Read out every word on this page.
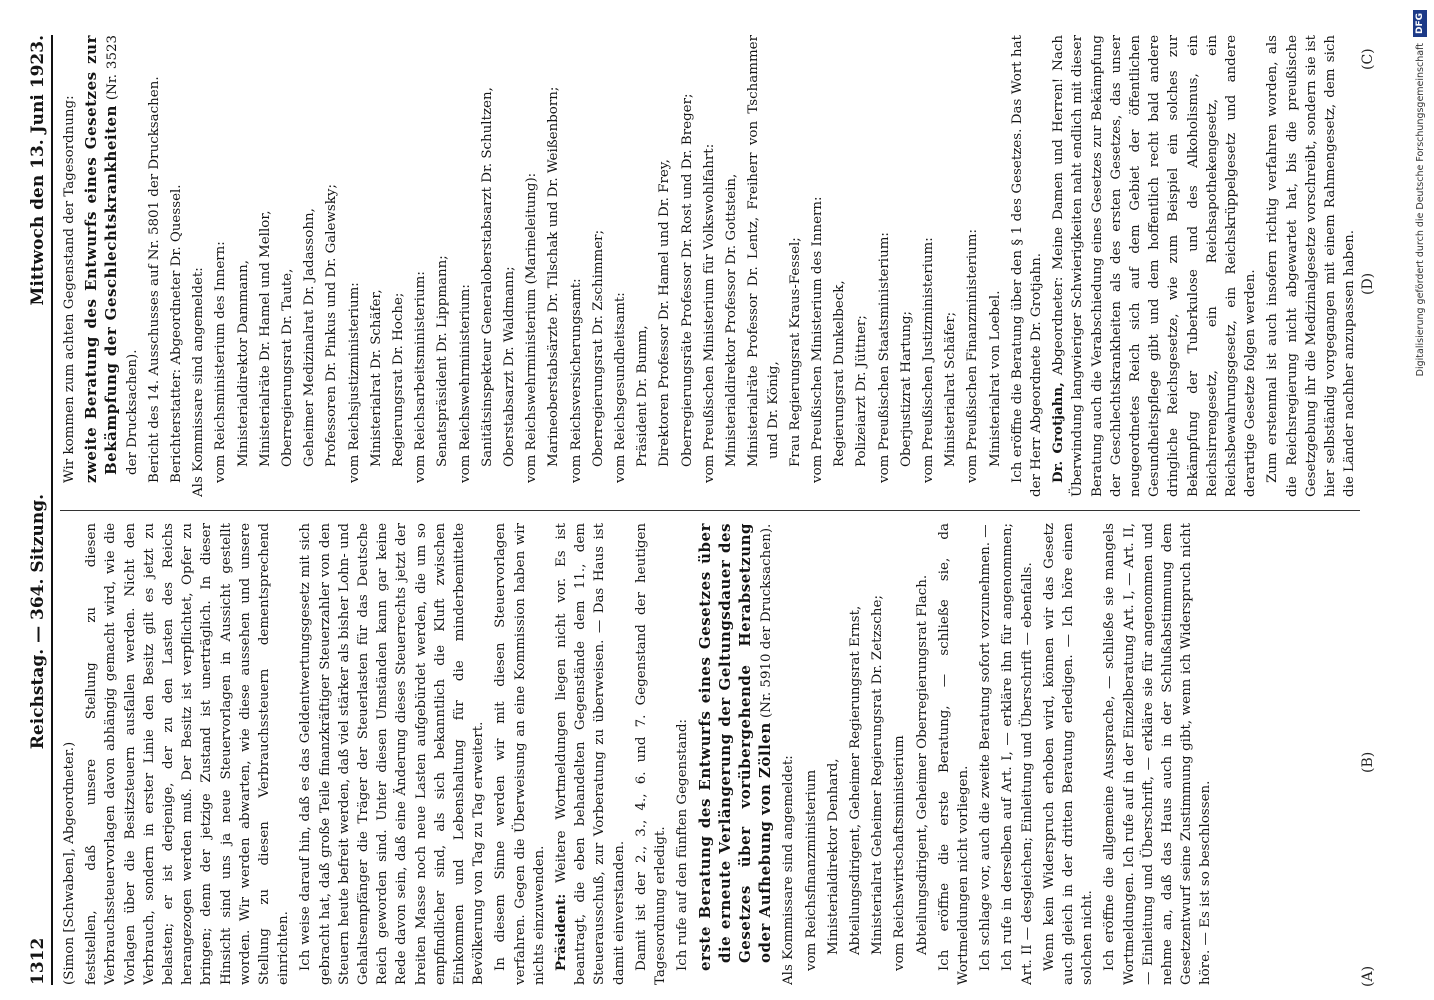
1312
Reichstag. — 364. Sitzung.
Mittwoch den 13. Juni 1923.

(Simon [Schwaben], Abgeordneter.) feststellen, daß unsere Stellung zu diesen Verbrauchssteuervorlagen davon abhängig gemacht wird, wie die Vorlagen über die Besitzsteuern ausfallen werden. Nicht den Verbrauch, sondern in erster Linie den Besitz gilt es jetzt zu belasten; er ist derjenige, der zu den Lasten des Reichs herangezogen werden muß. Der Besitz ist verpflichtet, Opfer zu bringen; denn der jetzige Zustand ist unerträglich. In dieser Hinsicht sind uns ja neue Steuervorlagen in Aussicht gestellt worden. Wir werden abwarten, wie diese aussehen und unsere Stellung zu diesen Verbrauchssteuern dementsprechend einrichten. Ich weise darauf hin, daß es das Geldentwertungsgesetz mit sich gebracht hat, daß große Teile finanzkräftiger Steuerzahler von den Steuern heute befreit werden, daß viel stärker als bisher Lohn- und Gehaltsempfänger die Träger der Steuerlasten für das Deutsche Reich geworden sind. Unter diesen Umständen kann gar keine Rede davon sein, daß eine Änderung dieses Steuerrechts jetzt der breiten Masse noch neue Lasten aufgebürdet werden, die um so empfindlicher sind, als sich bekanntlich die Kluft zwischen Einkommen und Lebenshaltung für die minderbemittelte Bevölkerung von Tag zu Tag erweitert. In diesem Sinne werden wir mit diesen Steuervorlagen verfahren. Gegen die Überweisung an eine Kommission haben wir nichts einzuwenden. Präsident: Weitere Wortmeldungen liegen nicht vor. Es ist beantragt, die eben behandelten Gegenstände dem 11., dem Steuerausschuß, zur Vorberatung zu überweisen. — Das Haus ist damit einverstanden. Damit ist der 2., 3., 4., 6. und 7. Gegenstand der heutigen Tagesordnung erledigt. Ich rufe auf den fünften Gegenstand: erste Beratung des Entwurfs eines Gesetzes über die erneute Verlängerung der Geltungsdauer des Gesetzes über vorübergehende Herabsetzung oder Aufhebung von Zöllen (Nr. 5910 der Drucksachen).

Als Kommissare sind angemeldet: vom Reichsfinanzministerium Ministerialdirektor Denhard, Abteilungsdirigent, Geheimer Regierungsrat Ernst, Ministerialrat Geheimer Regierungsrat Dr. Zetzsche; vom Reichswirtschaftsministerium Abteilungsdirigent, Geheimer Oberregierungsrat Flach. Ich eröffne die erste Beratung, — schließe sie, da Wortmeldungen nicht vorliegen. Ich schlage vor, auch die zweite Beratung sofort vorzunehmen. — Ich rufe in derselben auf Art. I, — erkläre ihn für angenommen; Art. II — desgleichen; Einleitung und Überschrift — ebenfalls. Wenn kein Widerspruch erhoben wird, können wir das Gesetz auch gleich in der dritten Beratung erledigen. — Ich höre einen solchen nicht. Ich eröffne die allgemeine Aussprache, — schließe sie mangels Wortmeldungen. Ich rufe auf in der Einzelberatung Art. I, — Art. II, — Einleitung und Überschrift, — erkläre sie für angenommen und nehme an, daß das Haus auch in der Schlußabstimmung dem Gesetzentwurf seine Zustimmung gibt, wenn ich Widerspruch nicht höre. — Es ist so beschlossen.

Wir kommen zum achten Gegenstand der Tagesordnung: zweite Beratung des Entwurfs eines Gesetzes zur Bekämpfung der Geschlechtskrankheiten (Nr. 3523 der Drucksachen). Bericht des 14. Ausschusses auf Nr. 5801 der Drucksachen. Berichterstatter: Abgeordneter Dr. Quessel. Als Kommissare sind angemeldet: vom Reichsministerium des Innern: Ministerialdirektor Dammann, Ministerialräte Dr. Hamel und Mellor, Oberregierungsrat Dr. Taute, Geheimer Medizinalrat Dr. Jadassohn, Professoren Dr. Pinkus und Dr. Galewsky; vom Reichsjustizministerium: Ministerialrat Dr. Schäfer, Regierungsrat Dr. Hoche; vom Reichsarbeitsministerium: Senatspräsident Dr. Lippmann; vom Reichswehrministerium: Sanitätsinspekteur Generaloberstabsarzt Dr. Schultzen, Oberstabsarzt Dr. Waldmann; vom Reichswehrministerium (Marineleitung): Marineoberstabsärzte Dr. Tilschak und Dr. Weißenborn; vom Reichsversicherungsamt: Oberregierungsrat Dr. Zschimmer; vom Reichsgesundheitsamt: Präsident Dr. Bumm, Direktoren Professor Dr. Hamel und Dr. Frey, Oberregierungsräte Professor Dr. Rost und Dr. Breger; vom Preußischen Ministerium für Volkswohlfahrt: Ministerialdirektor Professor Dr. Gottstein, Ministerialräte Professor Dr. Lentz, Freiherr von Tschammer und Dr. König, Frau Regierungsrat Kraus-Fessel; vom Preußischen Ministerium des Innern: Regierungsrat Dunkelbeck, Polizeiarzt Dr. Jüttner; vom Preußischen Staatsministerium: Oberjustizrat Hartung; vom Preußischen Justizministerium: Ministerialrat Schäfer; vom Preußischen Finanzministerium: Ministerialrat von Loebel. Ich eröffne die Beratung über den § 1 des Gesetzes. Das Wort hat der Herr Abgeordnete Dr. Grotjahn. Dr. Grotjahn, Abgeordneter: Meine Damen und Herren! Nach Überwindung langwieriger Schwierigkeiten naht endlich mit dieser Beratung auch die Verabschiedung eines Gesetzes zur Bekämpfung der Geschlechtskrankheiten als des ersten Gesetzes, das unser neugeordnetes Reich sich auf dem Gebiet der öffentlichen Gesundheitspflege gibt und dem hoffentlich recht bald andere dringliche Reichsgesetze, wie zum Beispiel ein solches zur Bekämpfung der Tuberkulose und des Alkoholismus, ein Reichsirrengesetz, ein Reichsapothekengesetz, ein Reichsbewahrungsgesetz, ein Reichskrüppelgesetz und andere derartige Gesetze folgen werden. Zum erstenmal ist auch insofern richtig verfahren worden, als die Reichsregierung nicht abgewartet hat, bis die preußische Gesetzgebung ihr die Medizinalgesetze vorschreibt, sondern sie ist hier selbständig vorgegangen mit einem Rahmengesetz, dem sich die Länder nachher anzupassen haben.

(A)
(B)
(C)
(D)	Digitalisierung gefördert durch die Deutsche Forschungsgemeinschaft
DFG
